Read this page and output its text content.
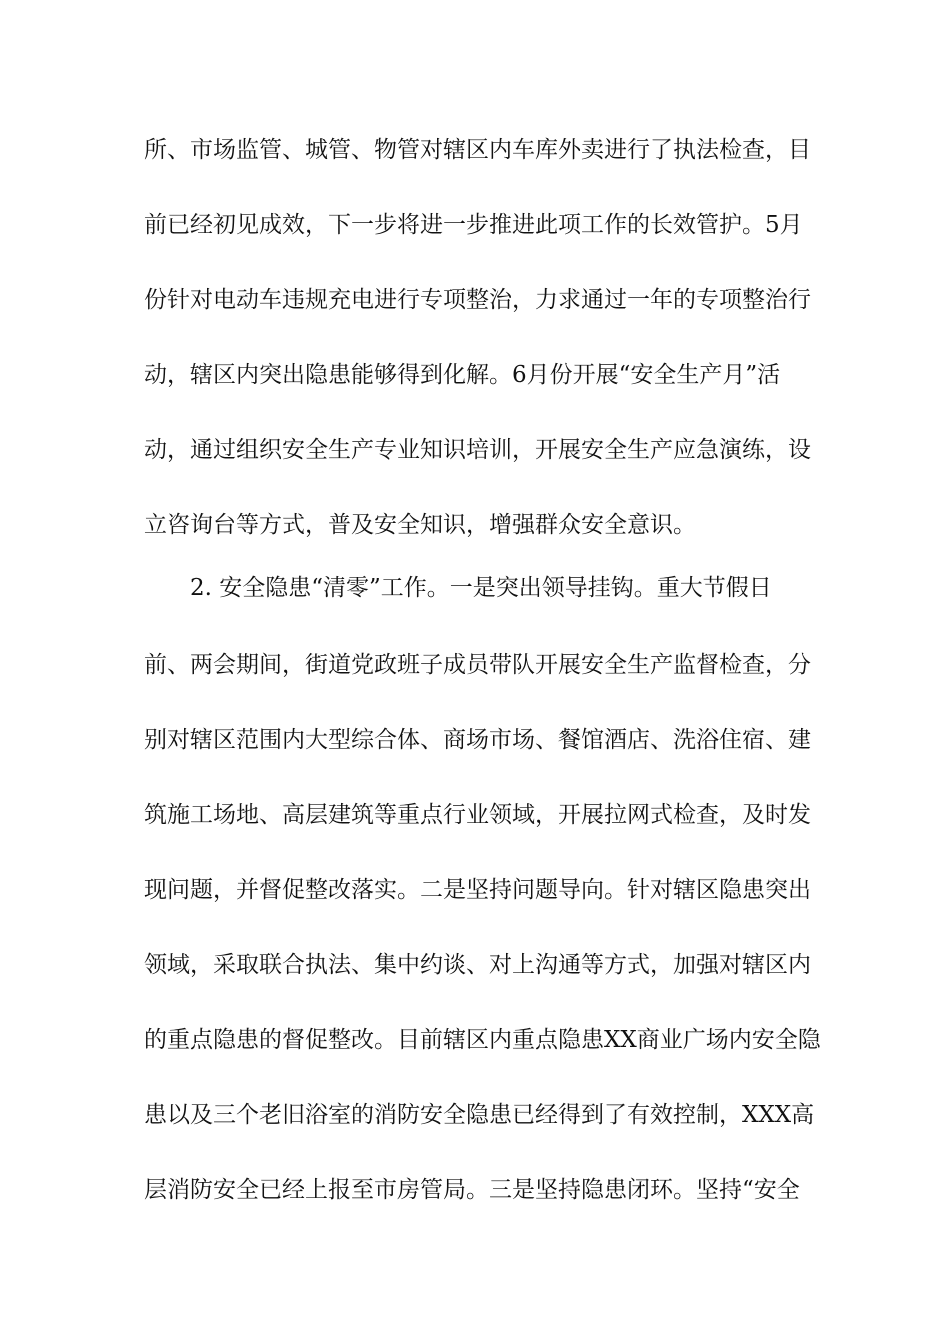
所、市场监管、城管、物管对辖区内车库外卖进行了执法检查，目
前已经初见成效，下一步将进一步推进此项工作的长效管护。5月
份针对电动车违规充电进行专项整治，力求通过一年的专项整治行
动，辖区内突出隐患能够得到化解。6月份开展“安全生产月”活
动，通过组织安全生产专业知识培训，开展安全生产应急演练，设
立咨询台等方式，普及安全知识，增强群众安全意识。
2. 安全隐患“清零”工作。一是突出领导挂钩。重大节假日
前、两会期间，街道党政班子成员带队开展安全生产监督检查，分
别对辖区范围内大型综合体、商场市场、餐馆酒店、洗浴住宿、建
筑施工场地、高层建筑等重点行业领域，开展拉网式检查，及时发
现问题，并督促整改落实。二是坚持问题导向。针对辖区隐患突出
领域，采取联合执法、集中约谈、对上沟通等方式，加强对辖区内
的重点隐患的督促整改。目前辖区内重点隐患XX商业广场内安全隐
患以及三个老旧浴室的消防安全隐患已经得到了有效控制，XXX高
层消防安全已经上报至市房管局。三是坚持隐患闭环。坚持“安全
